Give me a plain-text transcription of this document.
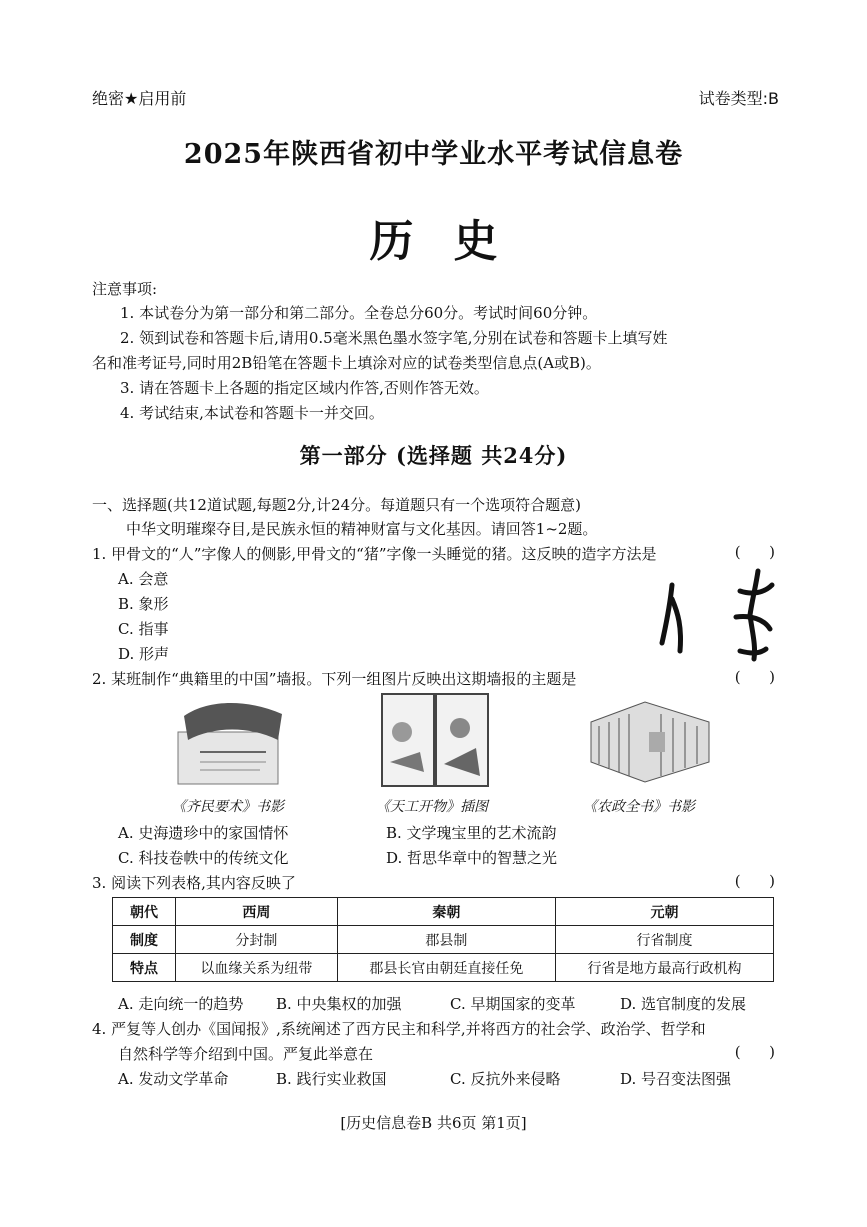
绝密★启用前	试卷类型:B
2025年陕西省初中学业水平考试信息卷
历史
注意事项:
1. 本试卷分为第一部分和第二部分。全卷总分60分。考试时间60分钟。
2. 领到试卷和答题卡后,请用0.5毫米黑色墨水签字笔,分别在试卷和答题卡上填写姓
名和准考证号,同时用2B铅笔在答题卡上填涂对应的试卷类型信息点(A或B)。
3. 请在答题卡上各题的指定区域内作答,否则作答无效。
4. 考试结束,本试卷和答题卡一并交回。
第一部分 (选择题 共24分)
一、选择题(共12道试题,每题2分,计24分。每道题只有一个选项符合题意)
中华文明璀璨夺目,是民族永恒的精神财富与文化基因。请回答1~2题。
1. 甲骨文的“人”字像人的侧影,甲骨文的“猪”字像一头睡觉的猪。这反映的造字方法是	(      )
A. 会意
B. 象形
C. 指事
D. 形声
2. 某班制作“典籍里的中国”墙报。下列一组图片反映出这期墙报的主题是	(      )
《齐民要术》书影	《天工开物》插图	《农政全书》书影
A. 史海遗珍中的家国情怀	B. 文学瑰宝里的艺术流韵
C. 科技卷帙中的传统文化	D. 哲思华章中的智慧之光
3. 阅读下列表格,其内容反映了	(      )
朝代	西周	秦朝	元朝
制度	分封制	郡县制	行省制度
特点	以血缘关系为纽带	郡县长官由朝廷直接任免	行省是地方最高行政机构
A. 走向统一的趋势 B. 中央集权的加强	C. 早期国家的变革	D. 选官制度的发展
4. 严复等人创办《国闻报》,系统阐述了西方民主和科学,并将西方的社会学、政治学、哲学和
自然科学等介绍到中国。严复此举意在	(      )
A. 发动文学革命	B. 践行实业救国	C. 反抗外来侵略	D. 号召变法图强
[历史信息卷B 共6页 第1页]
